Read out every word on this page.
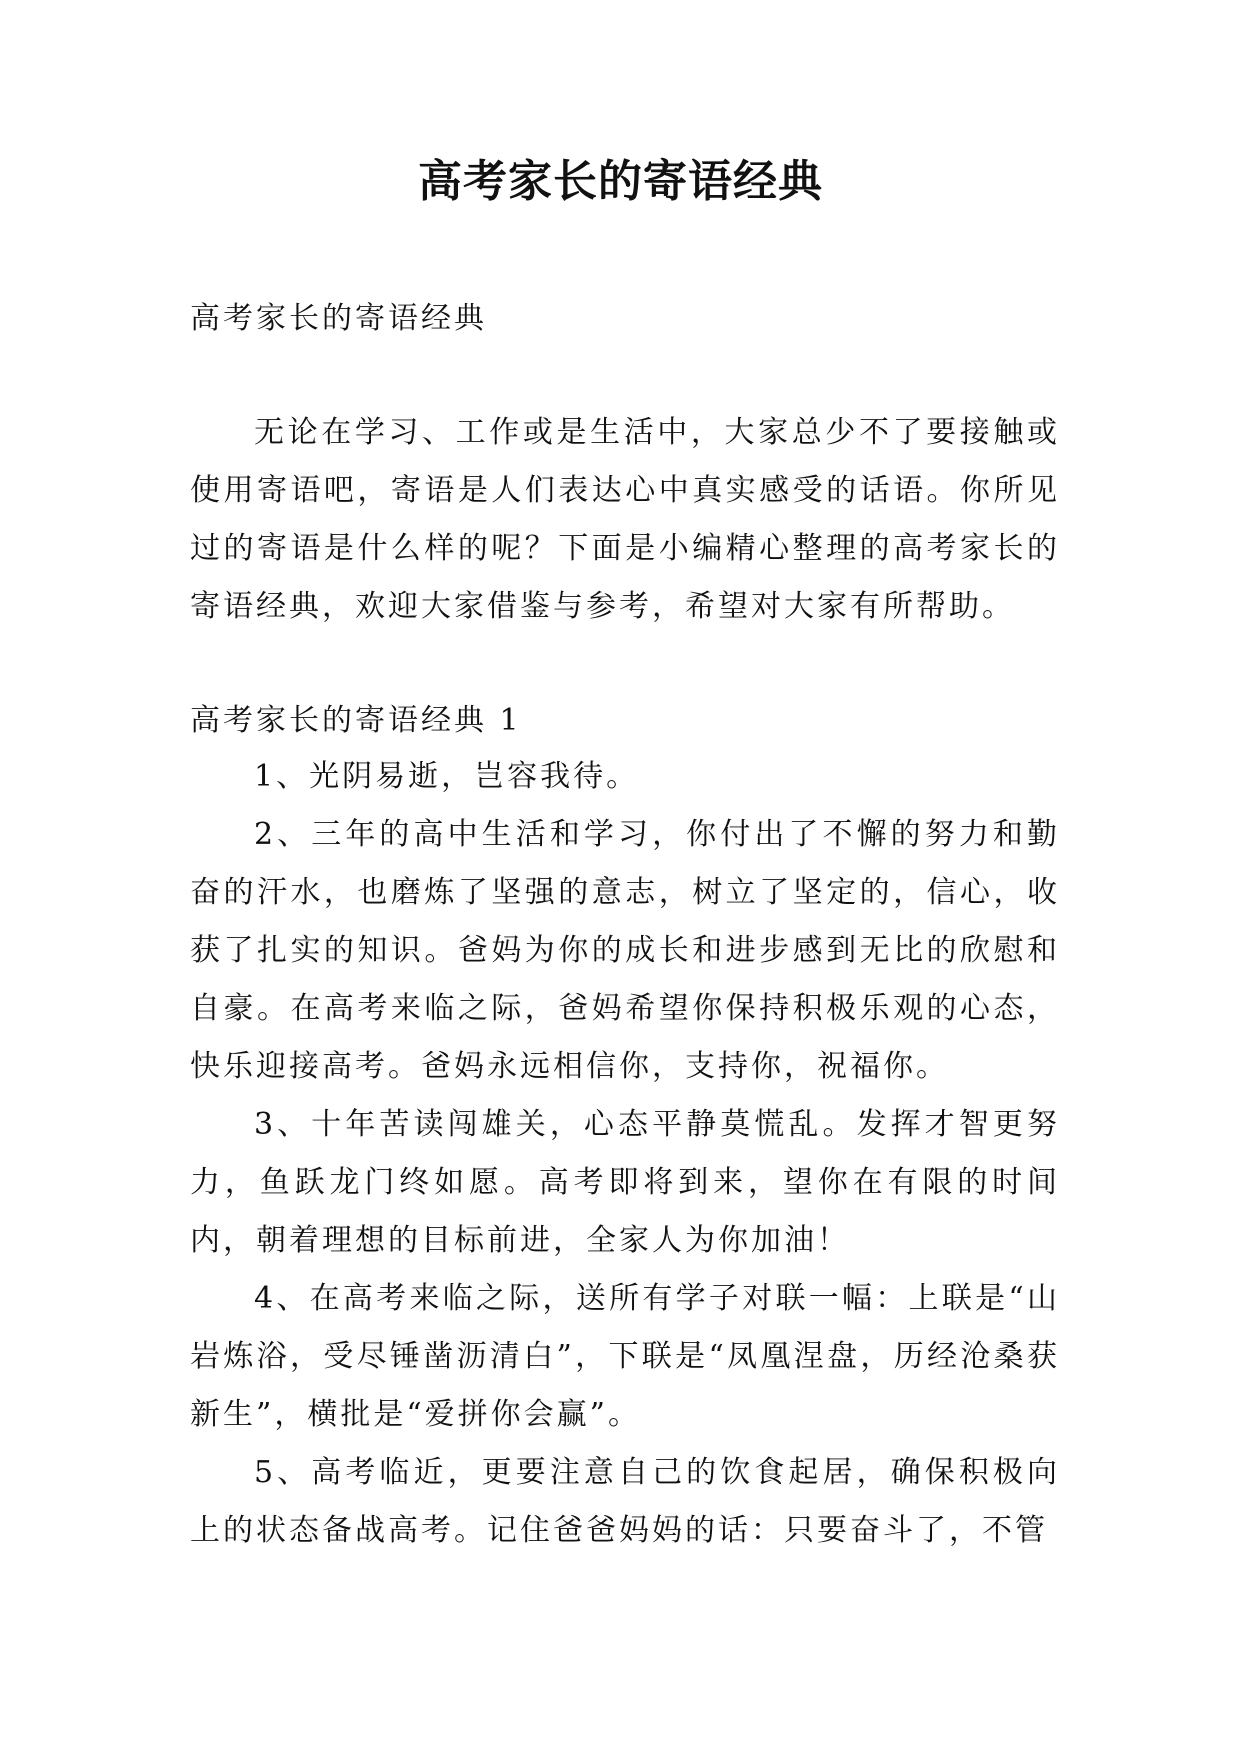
高考家长的寄语经典

高考家长的寄语经典

无论在学习、工作或是生活中，大家总少不了要接触或使用寄语吧，寄语是人们表达心中真实感受的话语。你所见过的寄语是什么样的呢？下面是小编精心整理的高考家长的寄语经典，欢迎大家借鉴与参考，希望对大家有所帮助。

高考家长的寄语经典 1

1、光阴易逝，岂容我待。

2、三年的高中生活和学习，你付出了不懈的努力和勤奋的汗水，也磨炼了坚强的意志，树立了坚定的，信心，收获了扎实的知识。爸妈为你的成长和进步感到无比的欣慰和自豪。在高考来临之际，爸妈希望你保持积极乐观的心态，快乐迎接高考。爸妈永远相信你，支持你，祝福你。

3、十年苦读闯雄关，心态平静莫慌乱。发挥才智更努力，鱼跃龙门终如愿。高考即将到来，望你在有限的时间内，朝着理想的目标前进，全家人为你加油！

4、在高考来临之际，送所有学子对联一幅：上联是“山岩炼浴，受尽锤凿沥清白”，下联是“凤凰涅盘，历经沧桑获新生”，横批是“爱拼你会赢”。

5、高考临近，更要注意自己的饮食起居，确保积极向上的状态备战高考。记住爸爸妈妈的话：只要奋斗了，不管
